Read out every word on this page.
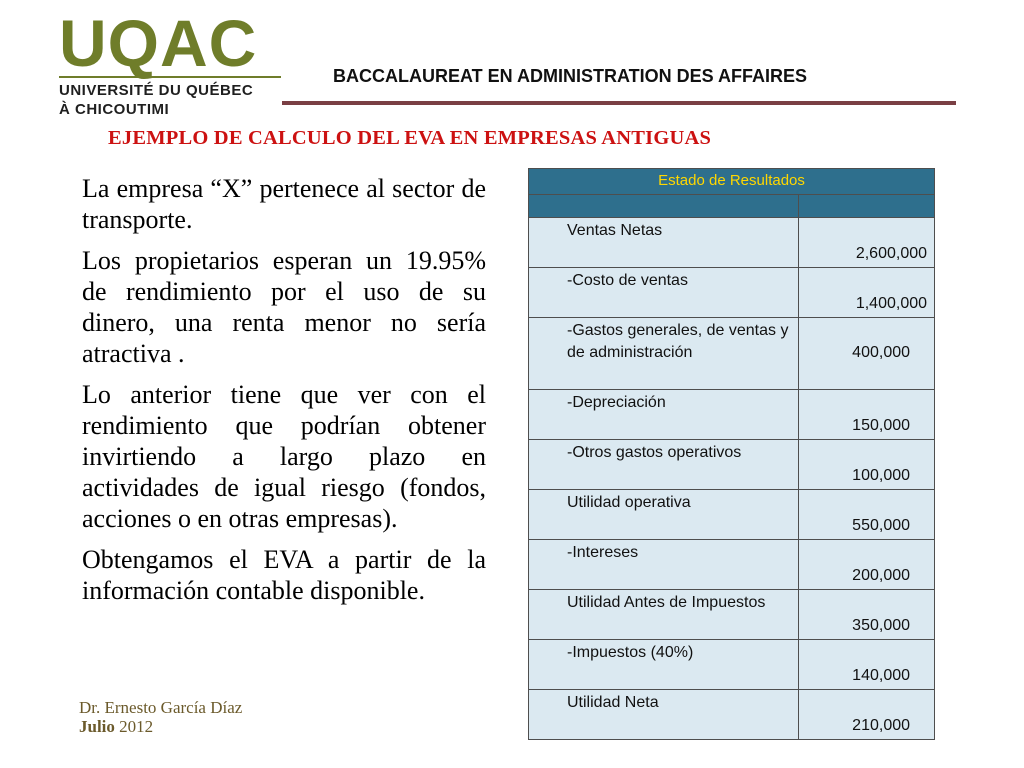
UQAC
UNIVERSITÉ DU QUÉBEC
À CHICOUTIMI
BACCALAUREAT EN ADMINISTRATION DES AFFAIRES
EJEMPLO DE CALCULO DEL EVA EN EMPRESAS ANTIGUAS

La empresa “X” pertenece al sector de transporte.

Los propietarios esperan un 19.95% de rendimiento por el uso de su dinero, una renta menor no sería atractiva .

Lo anterior tiene que ver con el rendimiento que podrían obtener invirtiendo a largo plazo en actividades de igual riesgo (fondos, acciones o en otras empresas).

Obtengamos el EVA a partir de la información contable disponible.

Estado de Resultados	

Ventas Netas	2,600,000
-Costo de ventas	1,400,000
-Gastos generales, de ventas y de administración	400,000
-Depreciación	150,000
-Otros gastos operativos	100,000
Utilidad operativa	550,000
-Intereses	200,000
Utilidad Antes de Impuestos	350,000
-Impuestos (40%)	140,000
Utilidad Neta	210,000
Dr. Ernesto García Díaz
Julio 2012
